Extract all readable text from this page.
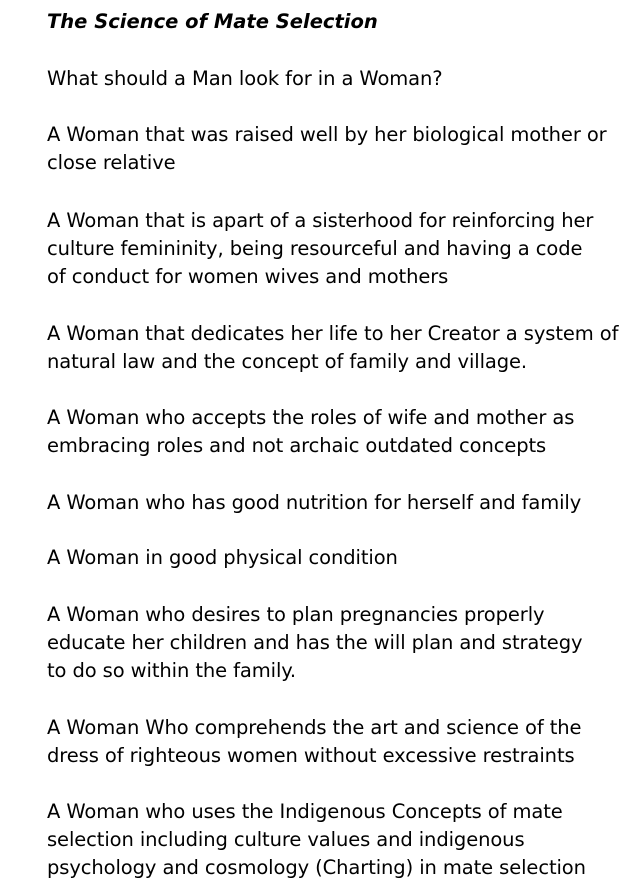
The Science of Mate Selection

What should a Man look for in a Woman?

A Woman that was raised well by her biological mother or close relative

A Woman that is apart of a sisterhood for reinforcing her culture femininity, being resourceful and having a code of conduct for women wives and mothers

A Woman that dedicates her life to her Creator a system of natural law and the concept of family and village.

A Woman who accepts the roles of wife and mother as embracing roles and not archaic outdated concepts

A Woman who has good nutrition for herself and family

A Woman in good physical condition

A Woman who desires to plan pregnancies properly educate her children and has the will plan and strategy to do so within the family.

A Woman Who comprehends the art and science of the dress of righteous women without excessive restraints

A Woman who uses the Indigenous Concepts of mate selection including culture values and indigenous psychology and cosmology (Charting) in mate selection
